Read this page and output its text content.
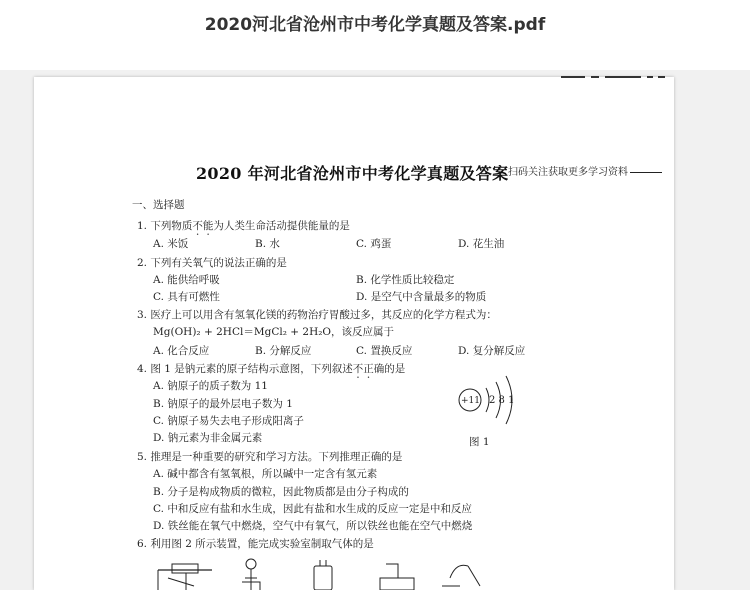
2020河北省沧州市中考化学真题及答案.pdf
2020 年河北省沧州市中考化学真题及答案 扫码关注获取更多学习资料
一、选择题
1. 下列物质不能为人类生命活动提供能量的是
A. 米饭	B. 水	C. 鸡蛋	D. 花生油
2. 下列有关氧气的说法正确的是
A. 能供给呼吸	B. 化学性质比较稳定
C. 具有可燃性	D. 是空气中含量最多的物质
3. 医疗上可以用含有氢氧化镁的药物治疗胃酸过多，其反应的化学方程式为：
Mg(OH)₂ + 2HCl＝MgCl₂ + 2H₂O，该反应属于
A. 化合反应	B. 分解反应	C. 置换反应	D. 复分解反应
4. 图 1 是钠元素的原子结构示意图，下列叙述不正确的是
A. 钠原子的质子数为 11
B. 钠原子的最外层电子数为 1
C. 钠原子易失去电子形成阳离子
D. 钠元素为非金属元素
+11 2 8 1
图 1
5. 推理是一种重要的研究和学习方法。下列推理正确的是
A. 碱中都含有氢氧根，所以碱中一定含有氢元素
B. 分子是构成物质的微粒，因此物质都是由分子构成的
C. 中和反应有盐和水生成，因此有盐和水生成的反应一定是中和反应
D. 铁丝能在氧气中燃烧，空气中有氧气，所以铁丝也能在空气中燃烧
6. 利用图 2 所示装置，能完成实验室制取气体的是
